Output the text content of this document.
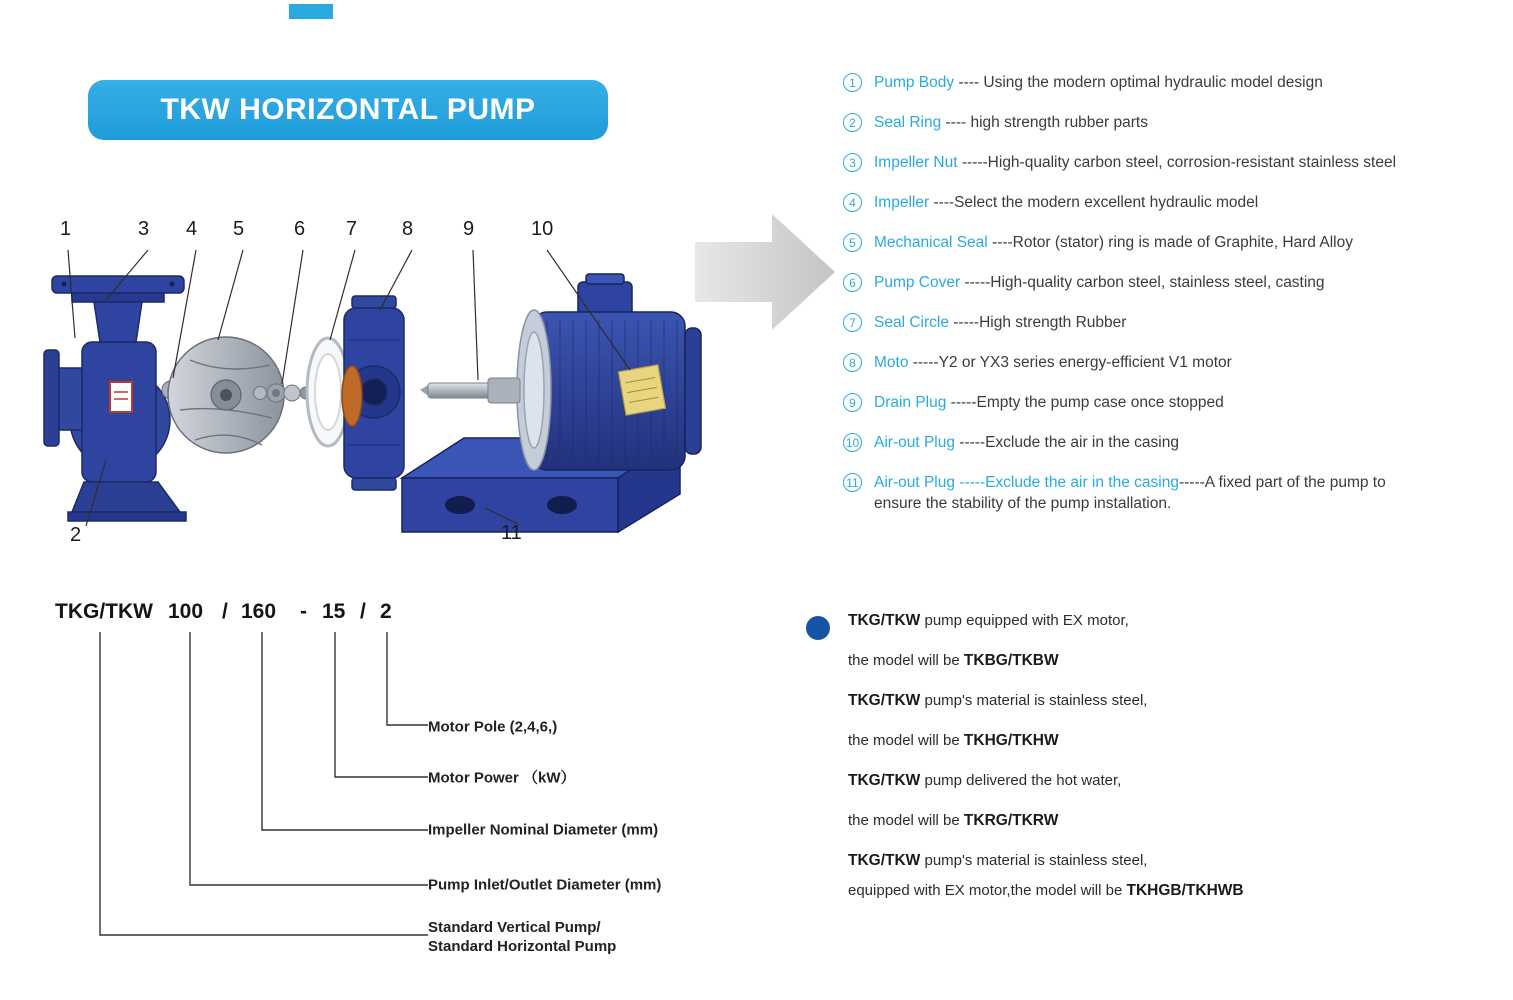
TKW HORIZONTAL PUMP
1	3 4 5 6 7 8 9	10
2	11
1	Pump Body ---- Using the modern optimal hydraulic model design
2	Seal Ring ---- high strength rubber parts
3	Impeller Nut -----High-quality carbon steel, corrosion-resistant stainless steel
4	Impeller ----Select the modern excellent hydraulic model
5	Mechanical Seal ----Rotor (stator) ring is made of Graphite, Hard Alloy
6	Pump Cover -----High-quality carbon steel, stainless steel, casting
7	Seal Circle -----High strength Rubber
8	Moto -----Y2 or YX3 series energy-efficient V1 motor
9	Drain Plug -----Empty the pump case once stopped
10 Air-out Plug -----Exclude the air in the casing
11 Air-out Plug -----Exclude the air in the casing-----A fixed part of the pump to
ensure the stability of the pump installation.
TKG/TKW 100 / 160 - 15 / 2
Motor Pole (2,4,6,)
Motor Power （kW）
Impeller Nominal Diameter (mm)
Pump Inlet/Outlet Diameter (mm)
Standard Vertical Pump/
Standard Horizontal Pump
TKG/TKW pump equipped with EX motor,
the model will be TKBG/TKBW
TKG/TKW pump's material is stainless steel,
the model will be TKHG/TKHW
TKG/TKW pump delivered the hot water,
the model will be TKRG/TKRW
TKG/TKW pump's material is stainless steel,
equipped with EX motor,the model will be TKHGB/TKHWB
